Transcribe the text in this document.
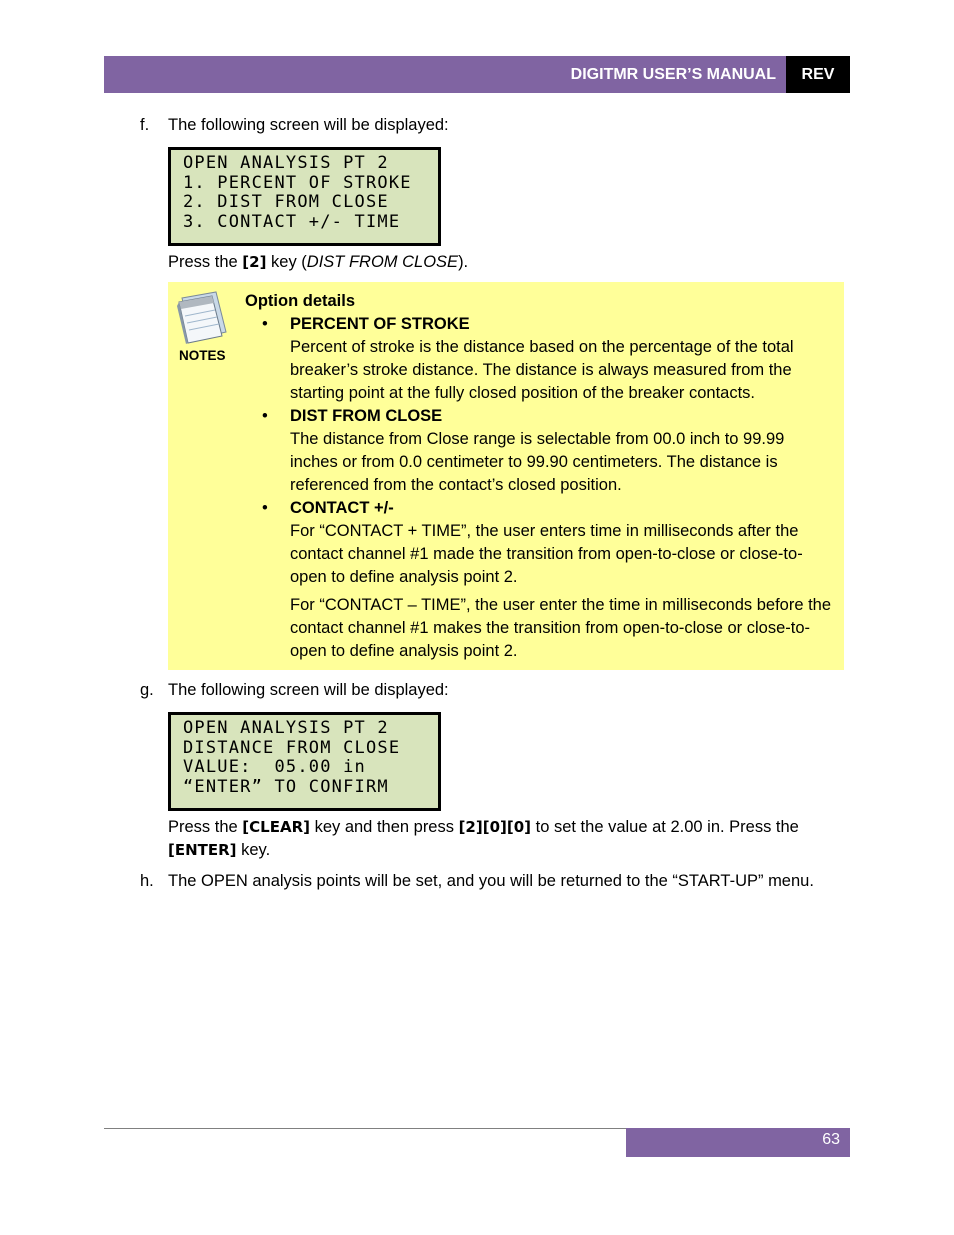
DIGITMR USER’S MANUAL	REV 3
f.	The following screen will be displayed:
OPEN ANALYSIS PT 2
1. PERCENT OF STROKE
2. DIST FROM CLOSE
3. CONTACT +/- TIME
Press the [2] key (DIST FROM CLOSE).
NOTES
Option details
• PERCENT OF STROKE
Percent of stroke is the distance based on the percentage of the total breaker’s stroke distance. The distance is always measured from the starting point at the fully closed position of the breaker contacts.
• DIST FROM CLOSE
The distance from Close range is selectable from 00.0 inch to 99.99 inches or from 0.0 centimeter to 99.90 centimeters. The distance is referenced from the contact’s closed position.
• CONTACT +/-
For “CONTACT + TIME”, the user enters time in milliseconds after the contact channel #1 made the transition from open-to-close or close-to-open to define analysis point 2.
For “CONTACT – TIME”, the user enter the time in milliseconds before the contact channel #1 makes the transition from open-to-close or close-to-open to define analysis point 2.
g. The following screen will be displayed:
OPEN ANALYSIS PT 2
DISTANCE FROM CLOSE
VALUE:  05.00 in
“ENTER” TO CONFIRM
Press the [CLEAR] key and then press [2][0][0] to set the value at 2.00 in. Press the
[ENTER] key.
h. The OPEN analysis points will be set, and you will be returned to the “START-UP” menu.
63
